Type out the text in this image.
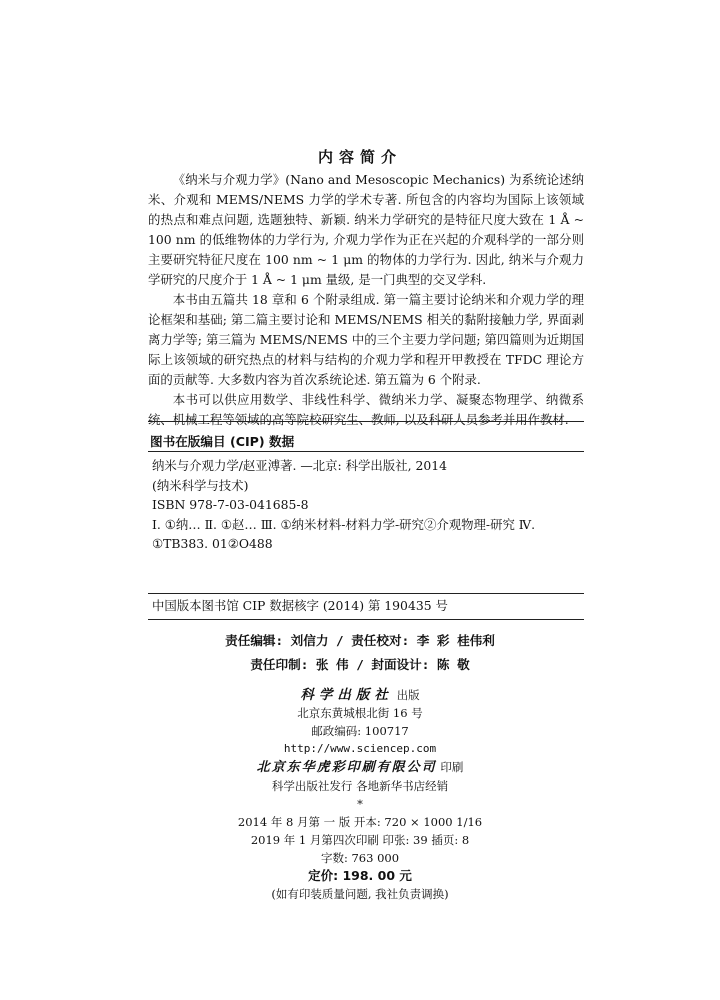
内容简介

《纳米与介观力学》(Nano and Mesoscopic Mechanics) 为系统论述纳米、介观和 MEMS/NEMS 力学的学术专著. 所包含的内容均为国际上该领域的热点和难点问题, 选题独特、新颖. 纳米力学研究的是特征尺度大致在 1 Å ~ 100 nm 的低维物体的力学行为, 介观力学作为正在兴起的介观科学的一部分则主要研究特征尺度在 100 nm ~ 1 μm 的物体的力学行为. 因此, 纳米与介观力学研究的尺度介于 1 Å ~ 1 μm 量级, 是一门典型的交叉学科.

本书由五篇共 18 章和 6 个附录组成. 第一篇主要讨论纳米和介观力学的理论框架和基础; 第二篇主要讨论和 MEMS/NEMS 相关的黏附接触力学, 界面剥离力学等; 第三篇为 MEMS/NEMS 中的三个主要力学问题; 第四篇则为近期国际上该领域的研究热点的材料与结构的介观力学和程开甲教授在 TFDC 理论方面的贡献等. 大多数内容为首次系统论述. 第五篇为 6 个附录.

本书可以供应用数学、非线性科学、微纳米力学、凝聚态物理学、纳微系统、机械工程等领域的高等院校研究生、教师, 以及科研人员参考并用作教材.

图书在版编目 (CIP) 数据
纳米与介观力学/赵亚溥著. —北京: 科学出版社, 2014
(纳米科学与技术)
ISBN 978-7-03-041685-8
Ⅰ. ①纳… Ⅱ. ①赵… Ⅲ. ①纳米材料-材料力学-研究②介观物理-研究 Ⅳ. ①TB383. 01②O488
中国版本图书馆 CIP 数据核字 (2014) 第 190435 号
责任编辑: 刘信力 / 责任校对: 李 彩 桂伟利
责任印制: 张 伟 / 封面设计: 陈 敬
科学出版社 出版
北京东黄城根北街 16 号
邮政编码: 100717
http://www.sciencep.com
北京东华虎彩印刷有限公司 印刷
科学出版社发行 各地新华书店经销
*
2014 年 8 月第 一 版 开本: 720 × 1000 1/16
2019 年 1 月第四次印刷 印张: 39 插页: 8
字数: 763 000
定价: 198. 00 元
(如有印装质量问题, 我社负责调换)
